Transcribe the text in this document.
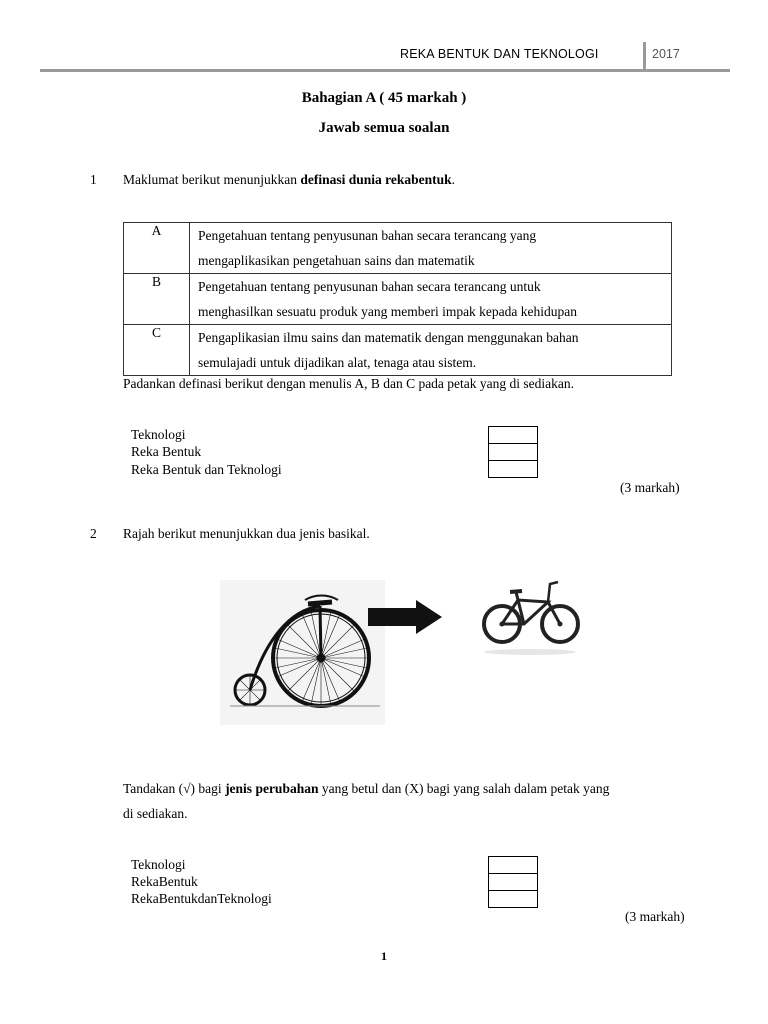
REKA BENTUK DAN TEKNOLOGI	2017
Bahagian A ( 45 markah )
Jawab semua soalan
1 Maklumat berikut menunjukkan definasi dunia rekabentuk.
A	Pengetahuan tentang penyusunan bahan secara terancang yang
mengaplikasikan pengetahuan sains dan matematik

B	Pengetahuan tentang penyusunan bahan secara terancang untuk
menghasilkan sesuatu produk yang memberi impak kepada kehidupan

C	Pengaplikasian ilmu sains dan matematik dengan menggunakan bahan
semulajadi untuk dijadikan alat, tenaga atau sistem.
Padankan definasi berikut dengan menulis A, B dan C pada petak yang di sediakan.
Teknologi
Reka Bentuk
Reka Bentuk dan Teknologi
(3 markah)
2 Rajah berikut menunjukkan dua jenis basikal.
Tandakan (√) bagi jenis perubahan yang betul dan (X) bagi yang salah dalam petak yang
di sediakan.
Teknologi
RekaBentuk
RekaBentukdanTeknologi
(3 markah)
1
